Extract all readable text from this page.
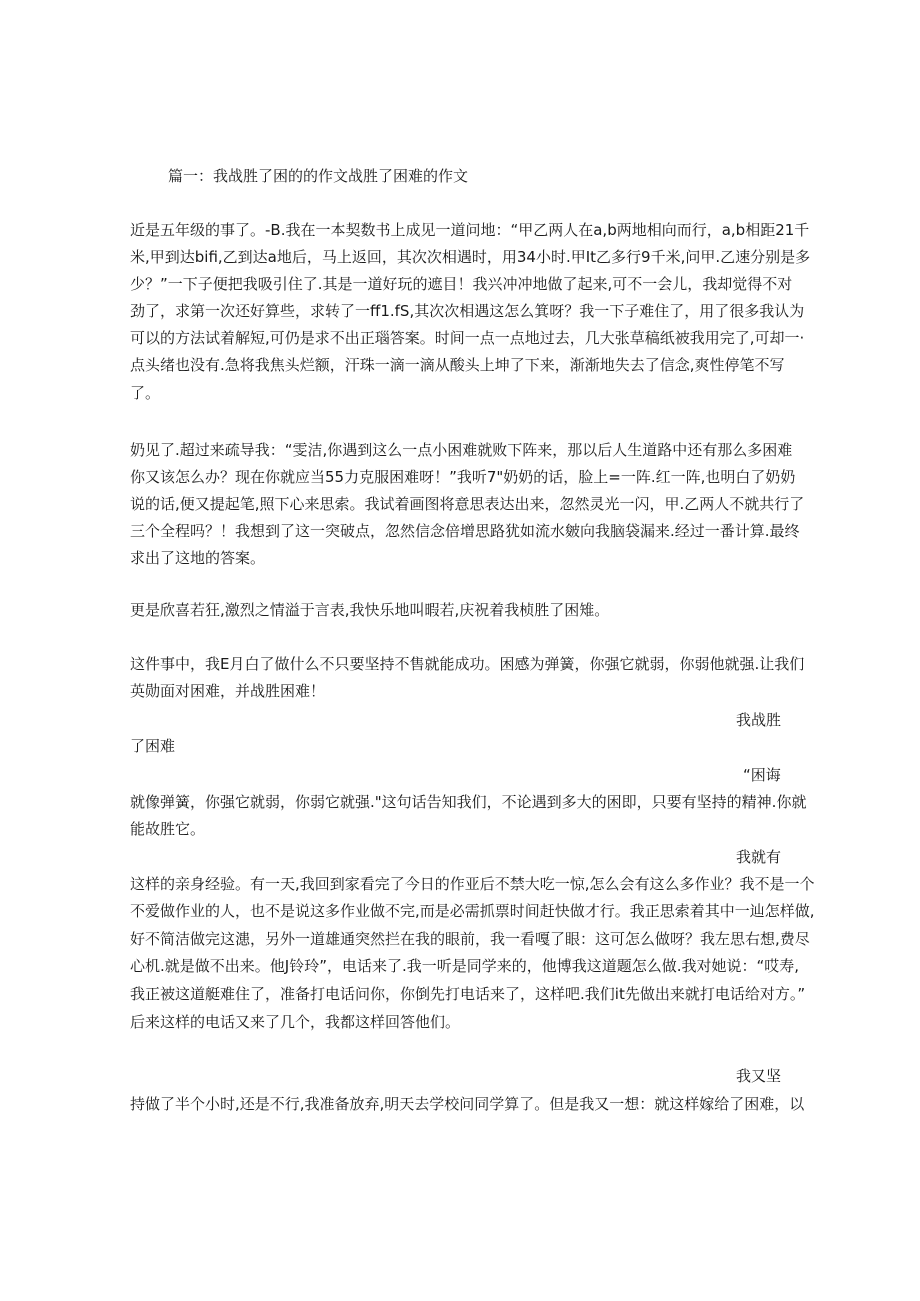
篇一：我战胜了困的的作文战胜了困难的作文
近是五年级的事了。-B.我在一本契数书上成见一道问地：“甲乙两人在a,b两地相向而行，a,b相距21千
米,甲到达bifi,乙到达a地后，马上返回，其次次相遇时，用34小时.甲It乙多行9千米,问甲.乙速分别是多
少？”一下子便把我吸引住了.其是一道好玩的遮目！我兴冲冲地做了起来,可不一会儿，我却觉得不对
劲了，求第一次还好算些，求转了一ff1.fS,其次次相遇这怎么箕呀？我一下子难住了，用了很多我认为
可以的方法试着解短,可仍是求不出正瑙答案。时间一点一点地过去，几大张草稿纸被我用完了,可却一·
点头绪也没有.急将我焦头烂额，汗珠一滴一滴从酸头上坤了下来，渐渐地失去了信念,爽性停笔不写
了。
奶见了.超过来疏导我：“雯洁,你遇到这么一点小困难就败下阵来，那以后人生道路中还有那么多困难
你又该怎么办？现在你就应当55力克服困难呀！”我听7"奶奶的话，脸上=一阵.红一阵,也明白了奶奶
说的话,便又提起笔,照下心来思索。我试着画图将意思表达出来，忽然灵光一闪，甲.乙两人不就共行了
三个全程吗？！我想到了这一突破点，忽然信念倍增思路犹如流水皴向我脑袋漏来.经过一番计算.最终
求出了这地的答案。
更是欣喜若狂,激烈之情溢于言表,我快乐地叫暇若,庆祝着我桢胜了困雉。
这件事中，我E月白了做什么不只要坚持不售就能成功。困感为弹簧，你强它就弱，你弱他就强.让我们
英勋面对困难，并战胜困难！
我战胜
了困难
“困诲
就像弹簧，你强它就弱，你弱它就强."这句话告知我们，不论遇到多大的困即，只要有坚持的精神.你就
能故胜它。
我就有
这样的亲身经验。有一天,我回到家看完了今日的作亚后不禁大吃一惊,怎么会有这么多作业？我不是一个
不爱做作业的人，也不是说这多作业做不完,而是必需抓票时间赶快做才行。我正思索着其中一辿怎样做,
好不简洁做完这漶，另外一道雄通突然拦在我的眼前，我一看嘎了眼：这可怎么做呀？我左思右想,费尽
心机.就是做不出来。他J铃玲”，电话来了.我一听是同学来的，他博我这道题怎么做.我对她说：“哎寿,
我正被这道艇难住了，准备打电话问你，你倒先打电话来了，这样吧.我们it先做出来就打电话给对方。”
后来这样的电话又来了几个，我都这样回答他们。
我又坚
持做了半个小时,还是不行,我准备放弃,明天去学校问同学算了。但是我又一想：就这样嫁给了困难，以
